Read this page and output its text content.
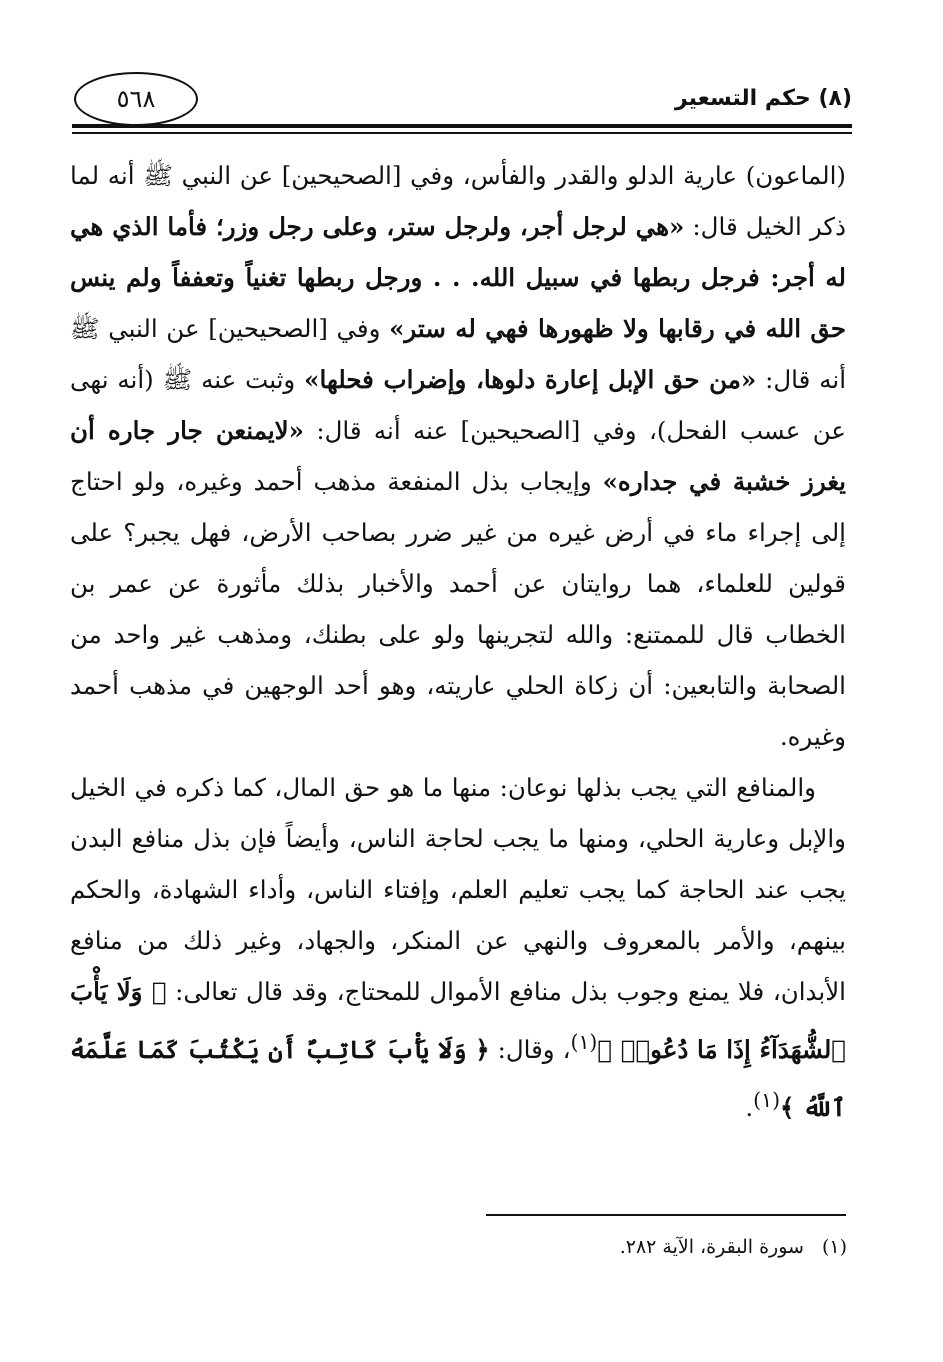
٥٦٨	(٨) حكم التسعير

(الماعون) عارية الدلو والقدر والفأس، وفي [الصحيحين] عن النبي ﷺ أنه لما ذكر الخيل قال: «هي لرجل أجر، ولرجل ستر، وعلى رجل وزر؛ فأما الذي هي له أجر: فرجل ربطها في سبيل الله. . . ورجل ربطها تغنياً وتعففاً ولم ينس حق الله في رقابها ولا ظهورها فهي له ستر» وفي [الصحيحين] عن النبي ﷺ أنه قال: «من حق الإبل إعارة دلوها، وإضراب فحلها» وثبت عنه ﷺ (أنه نهى عن عسب الفحل)، وفي [الصحيحين] عنه أنه قال: «لايمنعن جار جاره أن يغرز خشبة في جداره» وإيجاب بذل المنفعة مذهب أحمد وغيره، ولو احتاج إلى إجراء ماء في أرض غيره من غير ضرر بصاحب الأرض، فهل يجبر؟ على قولين للعلماء، هما روايتان عن أحمد والأخبار بذلك مأثورة عن عمر بن الخطاب قال للممتنع: والله لتجرينها ولو على بطنك، ومذهب غير واحد من الصحابة والتابعين: أن زكاة الحلي عاريته، وهو أحد الوجهين في مذهب أحمد وغيره.

والمنافع التي يجب بذلها نوعان: منها ما هو حق المال، كما ذكره في الخيل والإبل وعارية الحلي، ومنها ما يجب لحاجة الناس، وأيضاً فإن بذل منافع البدن يجب عند الحاجة كما يجب تعليم العلم، وإفتاء الناس، وأداء الشهادة، والحكم بينهم، والأمر بالمعروف والنهي عن المنكر، والجهاد، وغير ذلك من منافع الأبدان، فلا يمنع وجوب بذل منافع الأموال للمحتاج، وقد قال تعالى: ﴿ وَلَا يَأْبَ ٱلشُّهَدَآءُ إِذَا مَا دُعُوا۟ ﴾$^{(١)}$، وقال: ﴿ وَلَا يَأْبَ كَاتِبٌ أَن يَكْتُبَ كَمَا عَلَّمَهُ ٱللَّهُ ﴾$^{(١)}$.

(١)سورة البقرة، الآية ٢٨٢.
